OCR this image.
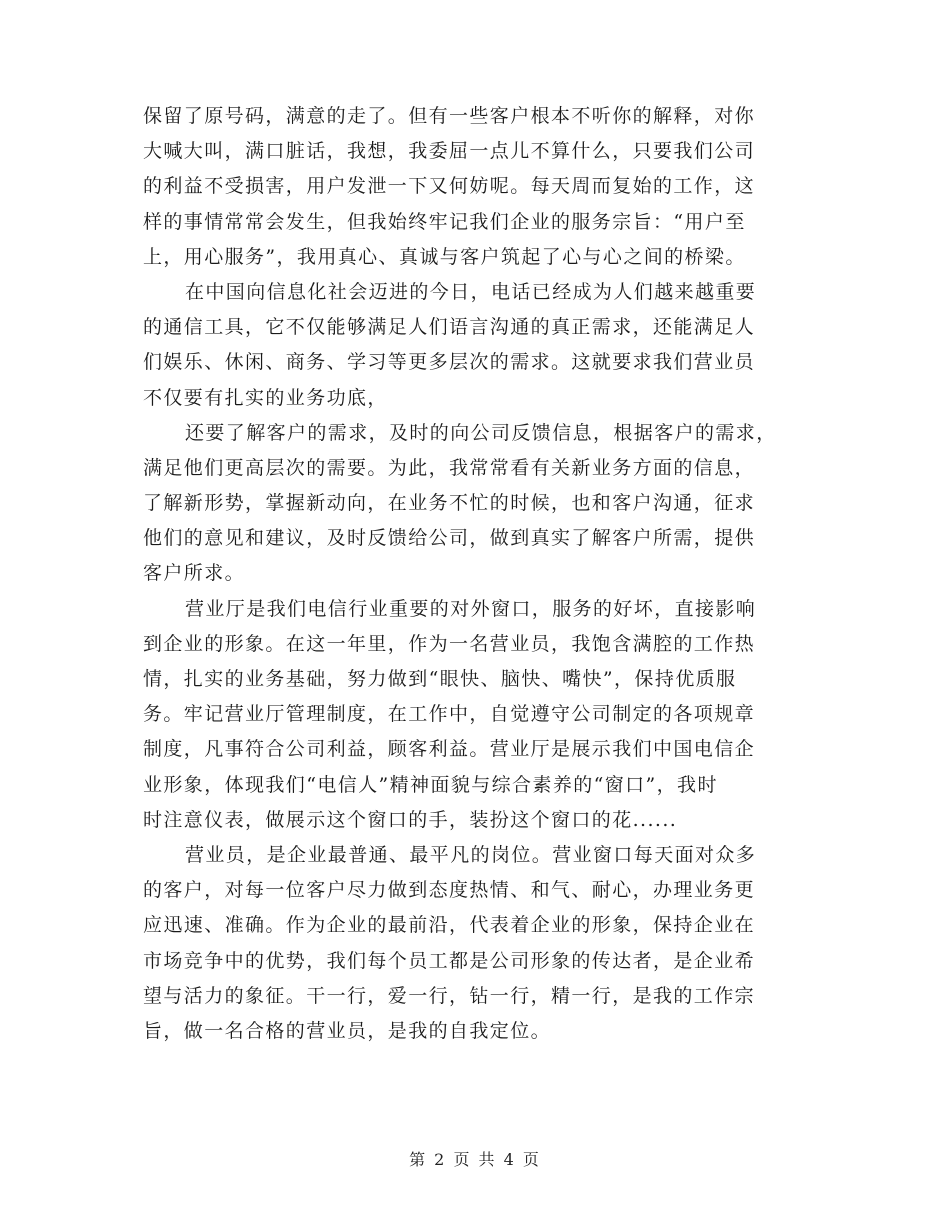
保留了原号码，满意的走了。但有一些客户根本不听你的解释，对你
大喊大叫，满口脏话，我想，我委屈一点儿不算什么，只要我们公司
的利益不受损害，用户发泄一下又何妨呢。每天周而复始的工作，这
样的事情常常会发生，但我始终牢记我们企业的服务宗旨：“用户至
上，用心服务”，我用真心、真诚与客户筑起了心与心之间的桥梁。
在中国向信息化社会迈进的今日，电话已经成为人们越来越重要
的通信工具，它不仅能够满足人们语言沟通的真正需求，还能满足人
们娱乐、休闲、商务、学习等更多层次的需求。这就要求我们营业员
不仅要有扎实的业务功底，
还要了解客户的需求，及时的向公司反馈信息，根据客户的需求，
满足他们更高层次的需要。为此，我常常看有关新业务方面的信息，
了解新形势，掌握新动向，在业务不忙的时候，也和客户沟通，征求
他们的意见和建议，及时反馈给公司，做到真实了解客户所需，提供
客户所求。
营业厅是我们电信行业重要的对外窗口，服务的好坏，直接影响
到企业的形象。在这一年里，作为一名营业员，我饱含满腔的工作热
情，扎实的业务基础，努力做到“眼快、脑快、嘴快”，保持优质服
务。牢记营业厅管理制度，在工作中，自觉遵守公司制定的各项规章
制度，凡事符合公司利益，顾客利益。营业厅是展示我们中国电信企
业形象，体现我们“电信人”精神面貌与综合素养的“窗口”，我时
时注意仪表，做展示这个窗口的手，装扮这个窗口的花......
营业员，是企业最普通、最平凡的岗位。营业窗口每天面对众多
的客户，对每一位客户尽力做到态度热情、和气、耐心，办理业务更
应迅速、准确。作为企业的最前沿，代表着企业的形象，保持企业在
市场竞争中的优势，我们每个员工都是公司形象的传达者，是企业希
望与活力的象征。干一行，爱一行，钻一行，精一行，是我的工作宗
旨，做一名合格的营业员，是我的自我定位。
第 2 页 共 4 页
